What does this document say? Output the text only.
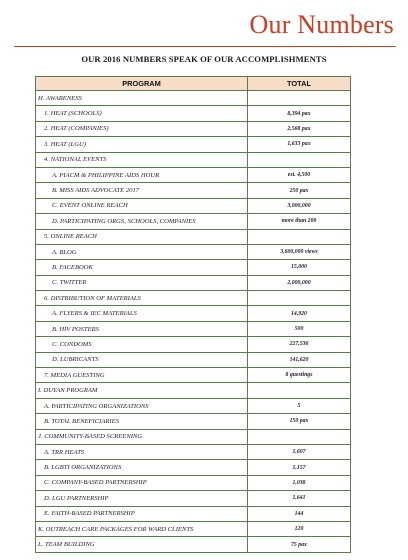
Our Numbers
OUR 2016 NUMBERS SPEAK OF OUR ACCOMPLISHMENTS
PROGRAM	TOTAL
H. AWARENESS	
1. HEAT (SCHOOLS)	8,394 pax
2. HEAT (COMPANIES)	2,568 pax
3. HEAT (LGU)	1,633 pax
4. NATIONAL EVENTS	
A. PIACM & PHILIPPINE AIDS HOUR	est. 4,500
B. MISS AIDS ADVOCATE 2017	250 pax
C. EVENT ONLINE REACH	3,000,000
D. PARTICIPATING ORGS, SCHOOLS, COMPANIES	more than 200
5. ONLINE REACH	
A. BLOG	3,600,000 views
B. FACEBOOK	15,000
C. TWITTER	2,000,000
6. DISTRIBUTION OF MATERIALS	
A. FLYERS & IEC MATERIALS	14,920
B. HIV POSTERS	500
C. CONDOMS	227,536
D. LUBRICANTS	141,620
7. MEDIA GUESTING	8 guestings
I. DUYAN PROGRAM	
A. PARTICIPATING ORGANIZATIONS	5
B. TOTAL BENEFICIARIES	150 pax
J. COMMUNITY-BASED SCREENING	
A. TRR HEATS	1,607
B. LGBTI ORGANIZATIONS	1,157
C. COMPANY-BASED PARTNERSHIP	1,038
D. LGU PARTNERSHIP	1,641
E. FAITH-BASED PARTNERSHIP	144
K. OUTREACH CARE PACKAGES FOR WARD CLIENTS	120
L. TEAM BUILDING	75 pax
